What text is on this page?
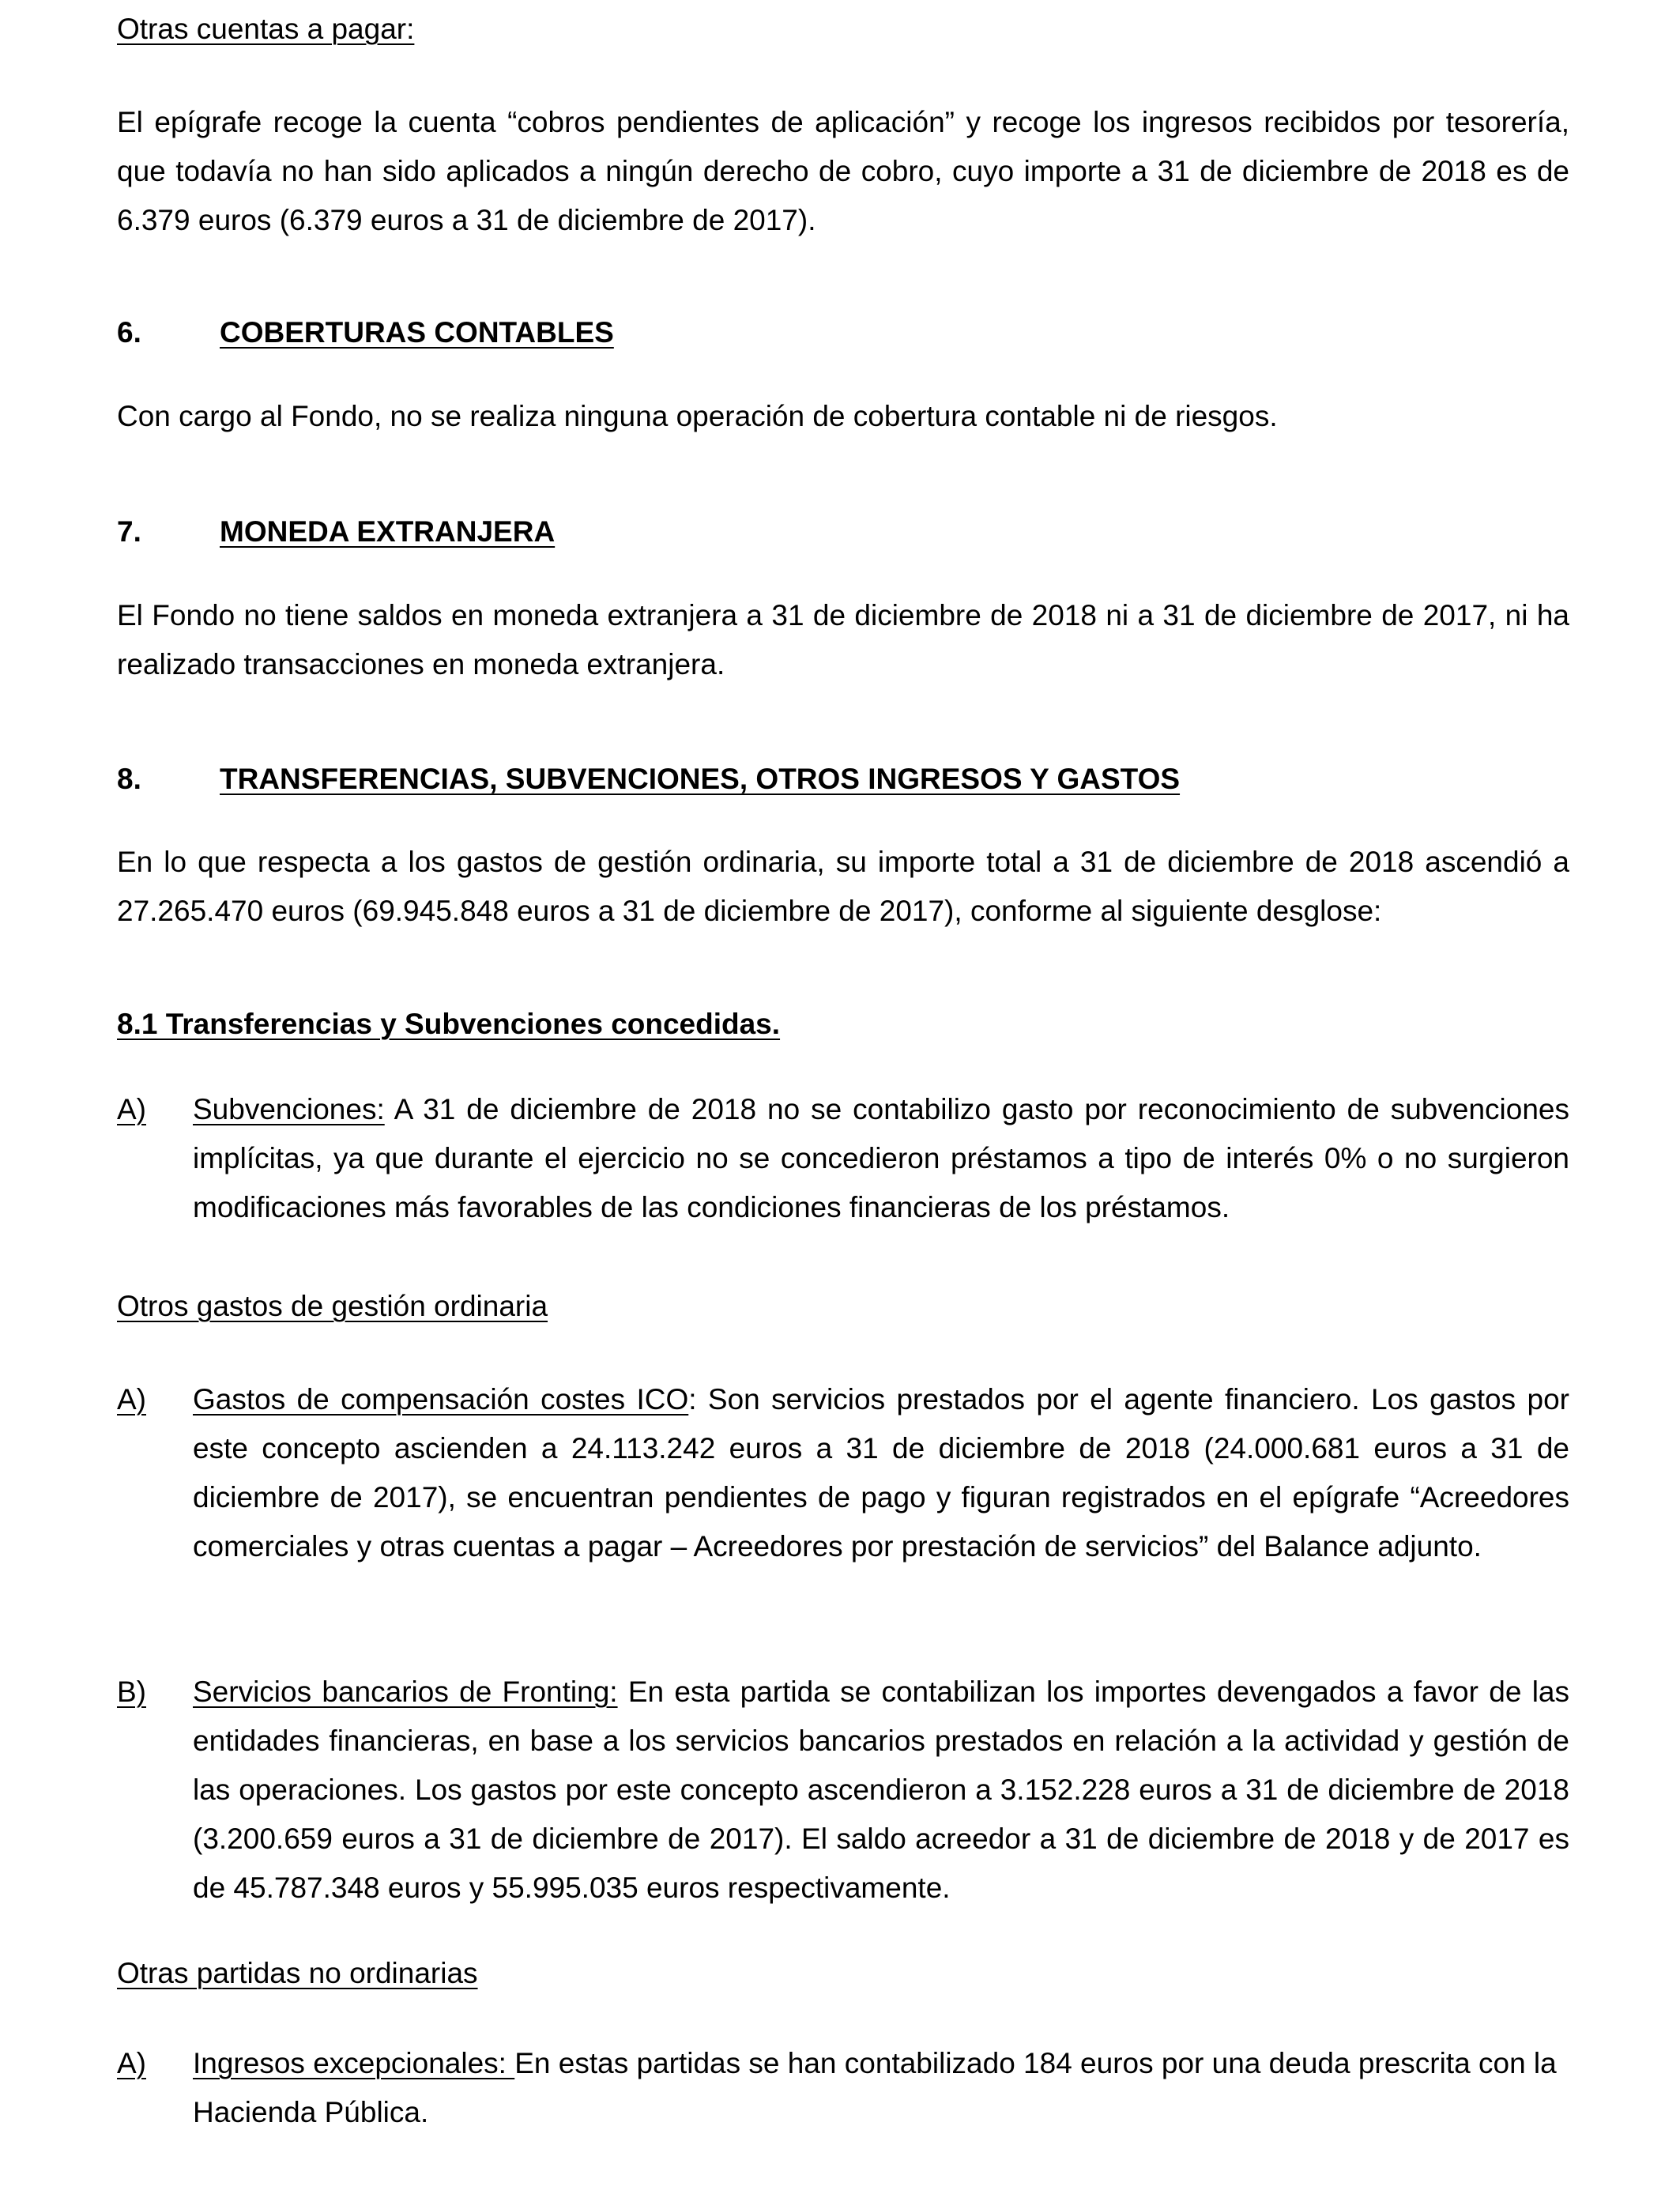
Otras cuentas a pagar:

El epígrafe recoge la cuenta “cobros pendientes de aplicación” y recoge los ingresos recibidos por tesorería, que todavía no han sido aplicados a ningún derecho de cobro, cuyo importe a 31 de diciembre de 2018 es de 6.379 euros (6.379 euros a 31 de diciembre de 2017).

6.	COBERTURAS CONTABLES

Con cargo al Fondo, no se realiza ninguna operación de cobertura contable ni de riesgos.

7.	MONEDA EXTRANJERA

El Fondo no tiene saldos en moneda extranjera a 31 de diciembre de 2018 ni a 31 de diciembre de 2017, ni ha realizado transacciones en moneda extranjera.

8.	TRANSFERENCIAS, SUBVENCIONES, OTROS INGRESOS Y GASTOS

En lo que respecta a los gastos de gestión ordinaria, su importe total a 31 de diciembre de 2018 ascendió a 27.265.470 euros (69.945.848 euros a 31 de diciembre de 2017), conforme al siguiente desglose:

8.1 Transferencias y Subvenciones concedidas.
A)	Subvenciones: A 31 de diciembre de 2018 no se contabilizo gasto por reconocimiento de subvenciones implícitas, ya que durante el ejercicio no se concedieron préstamos a tipo de interés 0% o no surgieron modificaciones más favorables de las condiciones financieras de los préstamos.
Otros gastos de gestión ordinaria
A)	Gastos de compensación costes ICO: Son servicios prestados por el agente financiero. Los gastos por este concepto ascienden a 24.113.242 euros a 31 de diciembre de 2018 (24.000.681 euros a 31 de diciembre de 2017), se encuentran pendientes de pago y figuran registrados en el epígrafe “Acreedores comerciales y otras cuentas a pagar – Acreedores por prestación de servicios” del Balance adjunto.
B)	Servicios bancarios de Fronting: En esta partida se contabilizan los importes devengados a favor de las entidades financieras, en base a los servicios bancarios prestados en relación a la actividad y gestión de las operaciones. Los gastos por este concepto ascendieron a 3.152.228 euros a 31 de diciembre de 2018 (3.200.659 euros a 31 de diciembre de 2017). El saldo acreedor a 31 de diciembre de 2018 y de 2017 es de 45.787.348 euros y 55.995.035 euros respectivamente.
Otras partidas no ordinarias
A)	Ingresos excepcionales: En estas partidas se han contabilizado 184 euros por una deuda prescrita con la Hacienda Pública.
